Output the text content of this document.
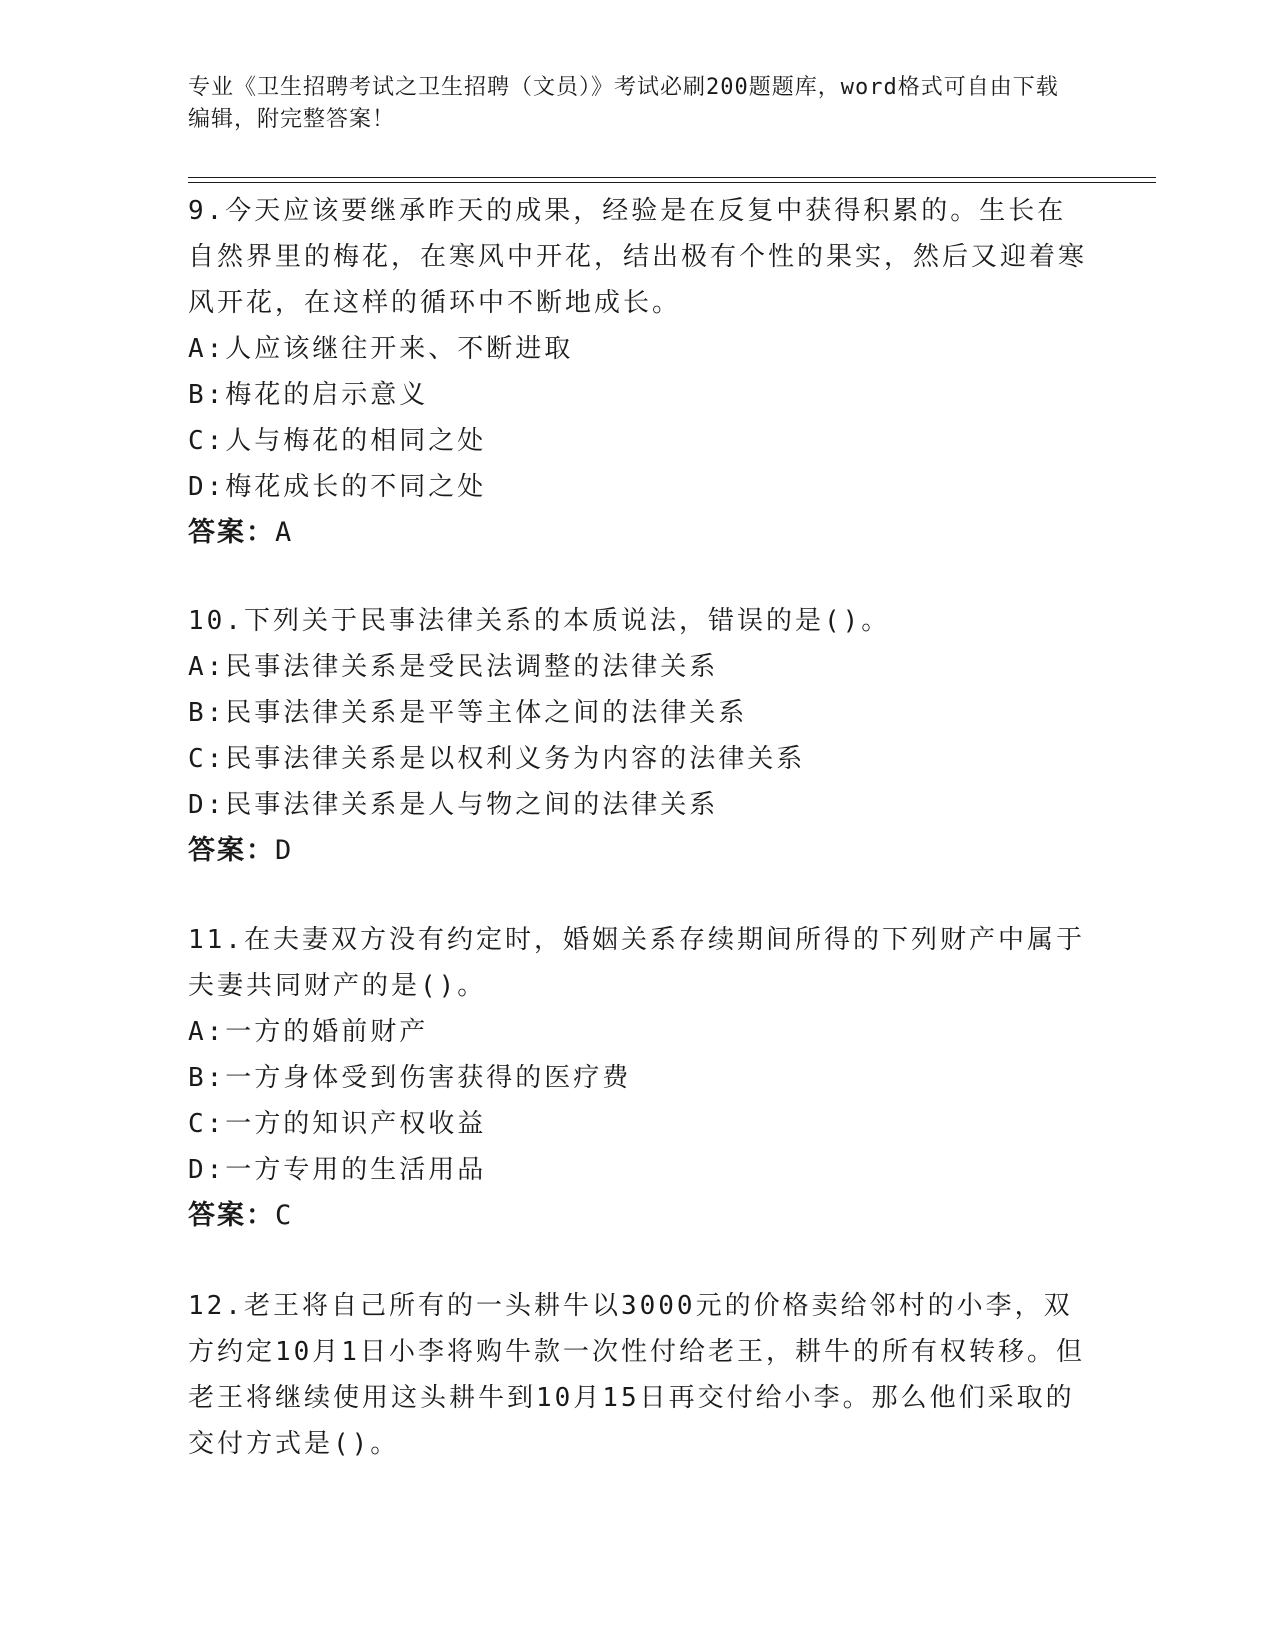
专业《卫生招聘考试之卫生招聘（文员）》考试必刷200题题库，word格式可自由下载编辑，附完整答案！

9.今天应该要继承昨天的成果，经验是在反复中获得积累的。生长在自然界里的梅花，在寒风中开花，结出极有个性的果实，然后又迎着寒风开花，在这样的循环中不断地成长。

A:人应该继往开来、不断进取

B:梅花的启示意义

C:人与梅花的相同之处

D:梅花成长的不同之处

答案：A

10.下列关于民事法律关系的本质说法，错误的是()。

A:民事法律关系是受民法调整的法律关系

B:民事法律关系是平等主体之间的法律关系

C:民事法律关系是以权利义务为内容的法律关系

D:民事法律关系是人与物之间的法律关系

答案：D

11.在夫妻双方没有约定时，婚姻关系存续期间所得的下列财产中属于夫妻共同财产的是()。

A:一方的婚前财产

B:一方身体受到伤害获得的医疗费

C:一方的知识产权收益

D:一方专用的生活用品

答案：C

12.老王将自己所有的一头耕牛以3000元的价格卖给邻村的小李，双方约定10月1日小李将购牛款一次性付给老王，耕牛的所有权转移。但老王将继续使用这头耕牛到10月15日再交付给小李。那么他们采取的交付方式是()。
